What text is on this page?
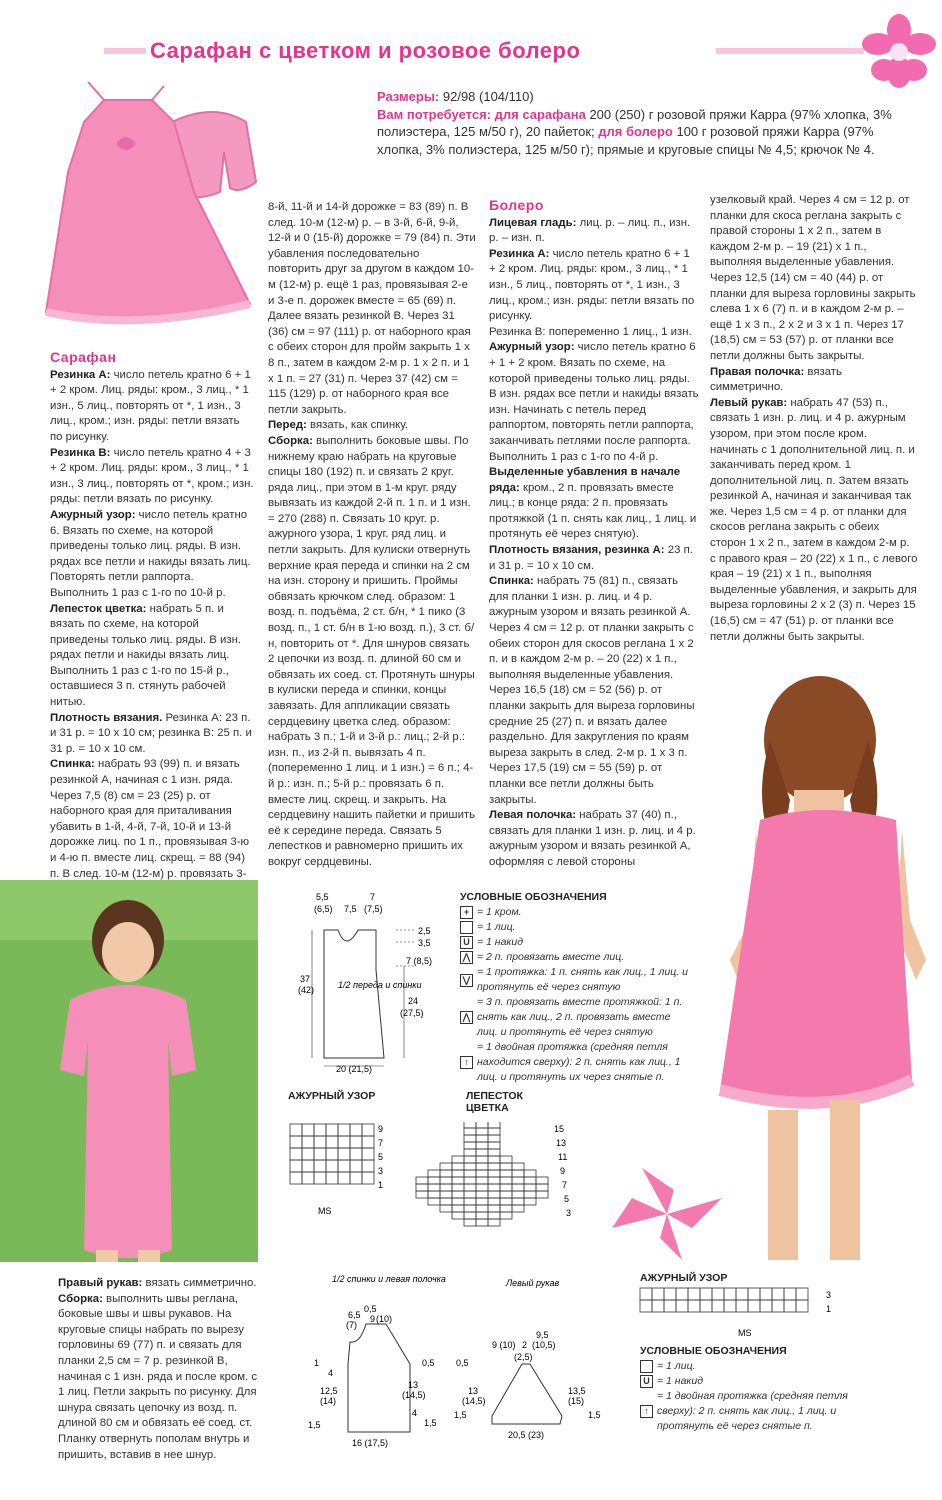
Сарафан с цветком и розовое болеро

Размеры: 92/98 (104/110)

Вам потребуется: для сарафана 200 (250) г розовой пряжи Карра (97% хлопка, 3% полиэстера, 125 м/50 г), 20 пайеток; для болеро 100 г розовой пряжи Карра (97% хлопка, 3% полиэстера, 125 м/50 г); прямые и круговые спицы № 4,5; крючок № 4.

Сарафан

Резинка А: число петель кратно 6 + 1 + 2 кром. Лиц. ряды: кром., 3 лиц., * 1 изн., 5 лиц., повторять от *, 1 изн., 3 лиц., кром.; изн. ряды: петли вязать по рисунку.

Резинка В: число петель кратно 4 + 3 + 2 кром. Лиц. ряды: кром., 3 лиц., * 1 изн., 3 лиц., повторять от *, кром.; изн. ряды: петли вязать по рисунку.

Ажурный узор: число петель кратно 6. Вязать по схеме, на которой приведены только лиц. ряды. В изн. рядах все петли и накиды вязать лиц. Повторять петли раппорта. Выполнить 1 раз с 1-го по 10-й р.

Лепесток цветка: набрать 5 п. и вязать по схеме, на которой приведены только лиц. ряды. В изн. рядах петли и накиды вязать лиц. Выполнить 1 раз с 1-го по 15-й р., оставшиеся 3 п. стянуть рабочей нитью.

Плотность вязания. Резинка А: 23 п. и 31 р. = 10 х 10 см; резинка В: 25 п. и 31 р. = 10 х 10 см.

Спинка: набрать 93 (99) п. и вязать резинкой А, начиная с 1 изн. ряда. Через 7,5 (8) см = 23 (25) р. от наборного края для приталивания убавить в 1-й, 4-й, 7-й, 10-й и 13-й дорожке лиц. по 1 п., провязывая 3-ю и 4-ю п. вместе лиц. скрещ. = 88 (94) п. В след. 10-м (12-м) р. провязать 3-

8-й, 11-й и 14-й дорожке = 83 (89) п. В след. 10-м (12-м) р. – в 3-й, 6-й, 9-й, 12-й и 0 (15-й) дорожке = 79 (84) п. Эти убавления последовательно повторить друг за другом в каждом 10-м (12-м) р. ещё 1 раз, провязывая 2-е и 3-е п. дорожек вместе = 65 (69) п. Далее вязать резинкой В. Через 31 (36) см = 97 (111) р. от наборного края с обеих сторон для пройм закрыть 1 х 8 п., затем в каждом 2-м р. 1 х 2 п. и 1 х 1 п. = 27 (31) п. Через 37 (42) см = 115 (129) р. от наборного края все петли закрыть.

Перед: вязать, как спинку.

Сборка: выполнить боковые швы. По нижнему краю набрать на круговые спицы 180 (192) п. и связать 2 круг. ряда лиц., при этом в 1-м круг. ряду вывязать из каждой 2-й п. 1 п. и 1 изн. = 270 (288) п. Связать 10 круг. р. ажурного узора, 1 круг. ряд лиц. и петли закрыть. Для кулиски отвернуть верхние края переда и спинки на 2 см на изн. сторону и пришить. Проймы обвязать крючком след. образом: 1 возд. п. подъёма, 2 ст. б/н, * 1 пико (3 возд. п., 1 ст. б/н в 1-ю возд. п.), 3 ст. б/н, повторить от *. Для шнуров связать 2 цепочки из возд. п. длиной 60 см и обвязать их соед. ст. Протянуть шнуры в кулиски переда и спинки, концы завязать. Для аппликации связать сердцевину цветка след. образом: набрать 3 п.; 1-й и 3-й р.: лиц.; 2-й р.: изн. п., из 2-й п. вывязать 4 п. (попеременно 1 лиц. и 1 изн.) = 6 п.; 4-й р.: изн. п.; 5-й р.: провязать 6 п. вместе лиц. скрещ. и закрыть. На сердцевину нашить пайетки и пришить её к середине переда. Связать 5 лепестков и равномерно пришить их вокруг сердцевины.

Болеро

Лицевая гладь: лиц. р. – лиц. п., изн. р. – изн. п.

Резинка А: число петель кратно 6 + 1 + 2 кром. Лиц. ряды: кром., 3 лиц., * 1 изн., 5 лиц., повторять от *, 1 изн., 3 лиц., кром.; изн. ряды: петли вязать по рисунку.

Резинка В: попеременно 1 лиц., 1 изн.

Ажурный узор: число петель кратно 6 + 1 + 2 кром. Вязать по схеме, на которой приведены только лиц. ряды. В изн. рядах все петли и накиды вязать изн. Начинать с петель перед раппортом, повторять петли раппорта, заканчивать петлями после раппорта. Выполнить 1 раз с 1-го по 4-й р.

Выделенные убавления в начале ряда: кром., 2 п. провязать вместе лиц.; в конце ряда: 2 п. провязать протяжкой (1 п. снять как лиц., 1 лиц. и протянуть её через снятую).

Плотность вязания, резинка А: 23 п. и 31 р. = 10 х 10 см.

Спинка: набрать 75 (81) п., связать для планки 1 изн. р. лиц. и 4 р. ажурным узором и вязать резинкой А. Через 4 см = 12 р. от планки закрыть с обеих сторон для скосов реглана 1 х 2 п. и в каждом 2-м р. – 20 (22) х 1 п., выполняя выделенные убавления. Через 16,5 (18) см = 52 (56) р. от планки закрыть для выреза горловины средние 25 (27) п. и вязать далее раздельно. Для закругления по краям выреза закрыть в след. 2-м р. 1 х 3 п. Через 17,5 (19) см = 55 (59) р. от планки все петли должны быть закрыты.

Левая полочка: набрать 37 (40) п., связать для планки 1 изн. р. лиц. и 4 р. ажурным узором и вязать резинкой А, оформляя с левой стороны

узелковый край. Через 4 см = 12 р. от планки для скоса реглана закрыть с правой стороны 1 х 2 п., затем в каждом 2-м р. – 19 (21) х 1 п., выполняя выделенные убавления. Через 12,5 (14) см = 40 (44) р. от планки для выреза горловины закрыть слева 1 х 6 (7) п. и в каждом 2-м р. – ещё 1 х 3 п., 2 х 2 и 3 х 1 п. Через 17 (18,5) см = 53 (57) р. от планки все петли должны быть закрыты.

Правая полочка: вязать симметрично.

Левый рукав: набрать 47 (53) п., связать 1 изн. р. лиц. и 4 р. ажурным узором, при этом после кром. начинать с 1 дополнительной лиц. п. и заканчивать перед кром. 1 дополнительной лиц. п. Затем вязать резинкой А, начиная и заканчивая так же. Через 1,5 см = 4 р. от планки для скосов реглана закрыть с обеих сторон 1 х 2 п., затем в каждом 2-м р. с правого края – 20 (22) х 1 п., с левого края – 19 (21) х 1 п., выполняя выделенные убавления, и закрыть для выреза горловины 2 х 2 (3) п. Через 15 (16,5) см = 47 (51) р. от планки все петли должны быть закрыты.

5,5
(6,5) 7,5
7
(7,5)
2,5
3,5
7 (8,5)
37
(42)
24
(27,5)
20 (21,5)
1/2 переда и спинки
УСЛОВНЫЕ ОБОЗНАЧЕНИЯ
+ = 1 кром.
= 1 лиц.
U = 1 накид
⋀ = 2 п. провязать вместе лиц.
⋁
= 1 протяжка: 1 п. снять как лиц., 1 лиц. и протянуть её через снятую
⋀
= 3 п. провязать вместе протяжкой: 1 п. снять как лиц., 2 п. провязать вместе лиц. и протянуть её через снятую
↑
= 1 двойная протяжка (средняя петля находится сверху): 2 п. снять как лиц., 1 лиц. и протянуть их через снятые п.
АЖУРНЫЙ УЗОР
9
7
5
3
1
MS
ЛЕПЕСТОК ЦВЕТКА
15
13
11
9
7
5
3

Правый рукав: вязать симметрично.

Сборка: выполнить швы реглана, боковые швы и швы рукавов. На круговые спицы набрать по вырезу горловины 69 (77) п. и связать для планки 2,5 см = 7 р. резинкой В, начиная с 1 изн. ряда и после кром. с 1 лиц. Петли закрыть по рисунку. Для шнура связать цепочку из возд. п. длиной 80 см и обвязать её соед. ст. Планку отвернуть пополам внутрь и пришить, вставив в нее шнур.

1/2 спинки и левая полочка
6,5
0,5
(7)
9 (10)
0,5
1
4
12,5
(14)
13
(14,5)
1,5
4
1,5
16 (17,5)
Левый рукав
9,5
9 (10) 2 (10,5)
(2,5)
0,5
13
(14,5)
13,5
(15)
1,5	1,5
20,5 (23)
АЖУРНЫЙ УЗОР
3
1
MS
УСЛОВНЫЕ ОБОЗНАЧЕНИЯ
= 1 лиц.
U = 1 накид
↑
= 1 двойная протяжка (средняя петля сверху): 2 п. снять как лиц., 1 лиц. и протянуть её через снятые п.
